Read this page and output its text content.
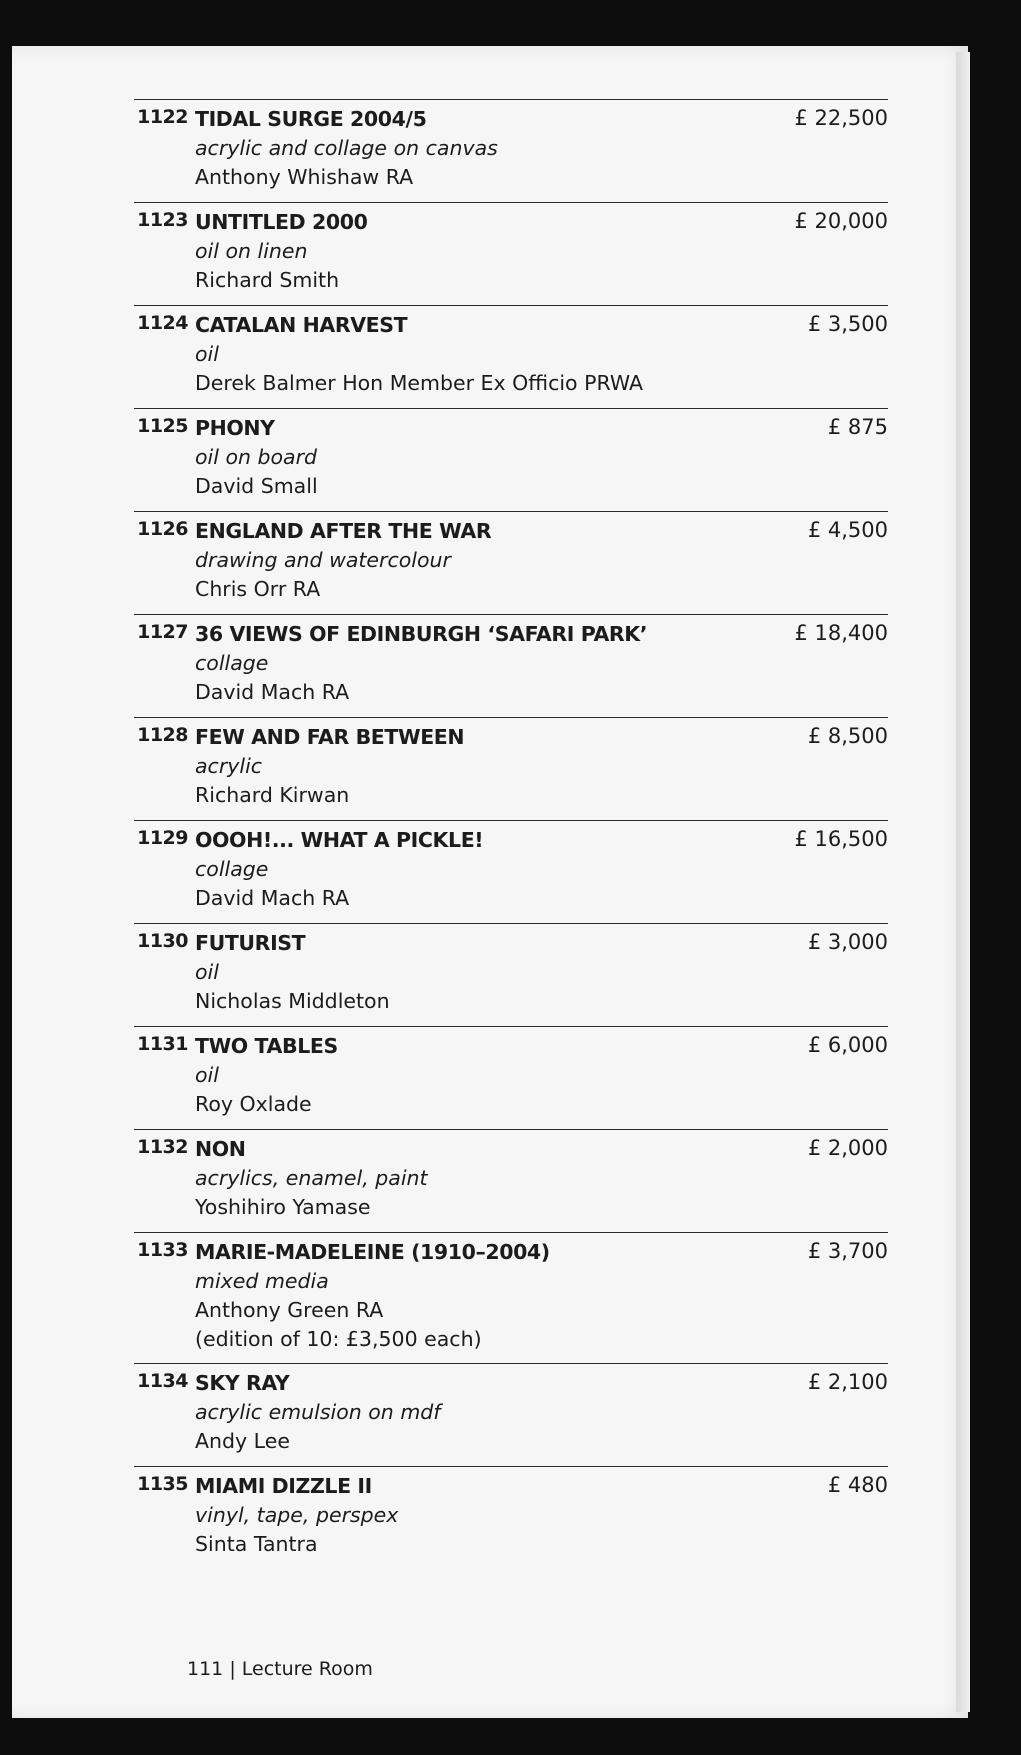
1122 TIDAL SURGE 2004/5
acrylic and collage on canvas
Anthony Whishaw RA
£ 22,500
1123 UNTITLED 2000
oil on linen
Richard Smith
£ 20,000
1124 CATALAN HARVEST
oil
Derek Balmer Hon Member Ex Officio PRWA
£ 3,500
1125 PHONY
oil on board
David Small
£ 875
1126 ENGLAND AFTER THE WAR
drawing and watercolour
Chris Orr RA
£ 4,500
1127 36 VIEWS OF EDINBURGH ‘SAFARI PARK’
collage
David Mach RA
£ 18,400
1128 FEW AND FAR BETWEEN
acrylic
Richard Kirwan
£ 8,500
1129 OOOH!... WHAT A PICKLE!
collage
David Mach RA
£ 16,500
1130 FUTURIST
oil
Nicholas Middleton
£ 3,000
1131 TWO TABLES
oil
Roy Oxlade
£ 6,000
1132 NON
acrylics, enamel, paint
Yoshihiro Yamase
£ 2,000
1133 MARIE-MADELEINE (1910–2004)
mixed media
Anthony Green RA
(edition of 10: £3,500 each)
£ 3,700
1134 SKY RAY
acrylic emulsion on mdf
Andy Lee
£ 2,100
1135 MIAMI DIZZLE II
vinyl, tape, perspex
Sinta Tantra
£ 480
111 | Lecture Room
